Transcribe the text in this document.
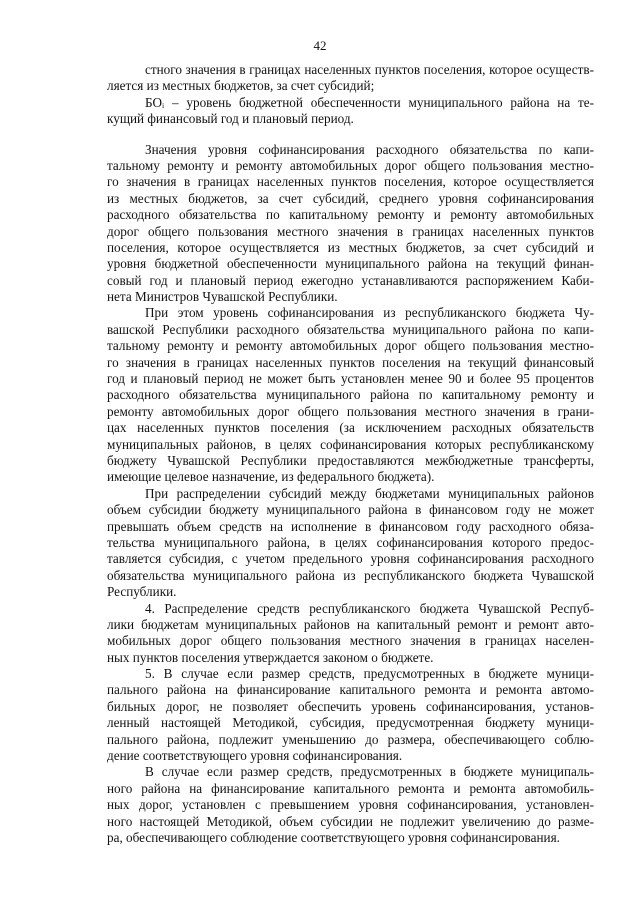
42
стного значения в границах населенных пунктов поселения, которое осуществ-
ляется из местных бюджетов, за счет субсидий;
БОᵢ – уровень бюджетной обеспеченности муниципального района на те-
кущий финансовый год и плановый период.
Значения уровня софинансирования расходного обязательства по капи-
тальному ремонту и ремонту автомобильных дорог общего пользования местно-
го значения в границах населенных пунктов поселения, которое осуществляется
из местных бюджетов, за счет субсидий, среднего уровня софинансирования
расходного обязательства по капитальному ремонту и ремонту автомобильных
дорог общего пользования местного значения в границах населенных пунктов
поселения, которое осуществляется из местных бюджетов, за счет субсидий и
уровня бюджетной обеспеченности муниципального района на текущий финан-
совый год и плановый период ежегодно устанавливаются распоряжением Каби-
нета Министров Чувашской Республики.
При этом уровень софинансирования из республиканского бюджета Чу-
вашской Республики расходного обязательства муниципального района по капи-
тальному ремонту и ремонту автомобильных дорог общего пользования местно-
го значения в границах населенных пунктов поселения на текущий финансовый
год и плановый период не может быть установлен менее 90 и более 95 процентов
расходного обязательства муниципального района по капитальному ремонту и
ремонту автомобильных дорог общего пользования местного значения в грани-
цах населенных пунктов поселения (за исключением расходных обязательств
муниципальных районов, в целях софинансирования которых республиканскому
бюджету Чувашской Республики предоставляются межбюджетные трансферты,
имеющие целевое назначение, из федерального бюджета).
При распределении субсидий между бюджетами муниципальных районов
объем субсидии бюджету муниципального района в финансовом году не может
превышать объем средств на исполнение в финансовом году расходного обяза-
тельства муниципального района, в целях софинансирования которого предос-
тавляется субсидия, с учетом предельного уровня софинансирования расходного
обязательства муниципального района из республиканского бюджета Чувашской
Республики.
4. Распределение средств республиканского бюджета Чувашской Респуб-
лики бюджетам муниципальных районов на капитальный ремонт и ремонт авто-
мобильных дорог общего пользования местного значения в границах населен-
ных пунктов поселения утверждается законом о бюджете.
5. В случае если размер средств, предусмотренных в бюджете муници-
пального района на финансирование капитального ремонта и ремонта автомо-
бильных дорог, не позволяет обеспечить уровень софинансирования, установ-
ленный настоящей Методикой, субсидия, предусмотренная бюджету муници-
пального района, подлежит уменьшению до размера, обеспечивающего соблю-
дение соответствующего уровня софинансирования.
В случае если размер средств, предусмотренных в бюджете муниципаль-
ного района на финансирование капитального ремонта и ремонта автомобиль-
ных дорог, установлен с превышением уровня софинансирования, установлен-
ного настоящей Методикой, объем субсидии не подлежит увеличению до разме-
ра, обеспечивающего соблюдение соответствующего уровня софинансирования.
